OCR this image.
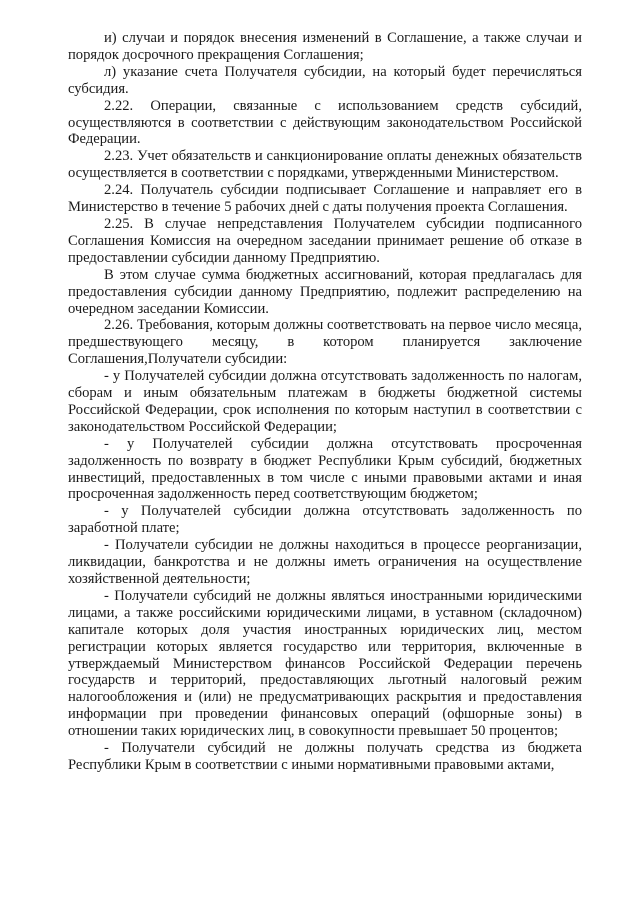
и) случаи и порядок внесения изменений в Соглашение, а также случаи и порядок досрочного прекращения Соглашения;

л) указание счета Получателя субсидии, на который будет перечисляться субсидия.

2.22. Операции, связанные с использованием средств субсидий, осуществляются в соответствии с действующим законодательством Российской Федерации.

2.23. Учет обязательств и санкционирование оплаты денежных обязательств осуществляется в соответствии с порядками, утвержденными Министерством.

2.24. Получатель субсидии подписывает Соглашение и направляет его в Министерство в течение 5 рабочих дней с даты получения проекта Соглашения.

2.25. В случае непредставления Получателем субсидии подписанного Соглашения Комиссия на очередном заседании принимает решение об отказе в предоставлении субсидии данному Предприятию.

В этом случае сумма бюджетных ассигнований, которая предлагалась для предоставления субсидии данному Предприятию, подлежит распределению на очередном заседании Комиссии.

2.26. Требования, которым должны соответствовать на первое число месяца, предшествующего месяцу, в котором планируется заключение Соглашения,Получатели субсидии:

- у Получателей субсидии должна отсутствовать задолженность по налогам, сборам и иным обязательным платежам в бюджеты бюджетной системы Российской Федерации, срок исполнения по которым наступил в соответствии с законодательством Российской Федерации;

- у Получателей субсидии должна отсутствовать просроченная задолженность по возврату в бюджет Республики Крым субсидий, бюджетных инвестиций, предоставленных в том числе с иными правовыми актами и иная просроченная задолженность перед соответствующим бюджетом;

- у Получателей субсидии должна отсутствовать задолженность по заработной плате;

- Получатели субсидии не должны находиться в процессе реорганизации, ликвидации, банкротства и не должны иметь ограничения на осуществление хозяйственной деятельности;

- Получатели субсидий не должны являться иностранными юридическими лицами, а также российскими юридическими лицами, в уставном (складочном) капитале которых доля участия иностранных юридических лиц, местом регистрации которых является государство или территория, включенные в утверждаемый Министерством финансов Российской Федерации перечень государств и территорий, предоставляющих льготный налоговый режим налогообложения и (или) не предусматривающих раскрытия и предоставления информации при проведении финансовых операций (офшорные зоны) в отношении таких юридических лиц, в совокупности превышает 50 процентов;

- Получатели субсидий не должны получать средства из бюджета Республики Крым в соответствии с иными нормативными правовыми актами,
